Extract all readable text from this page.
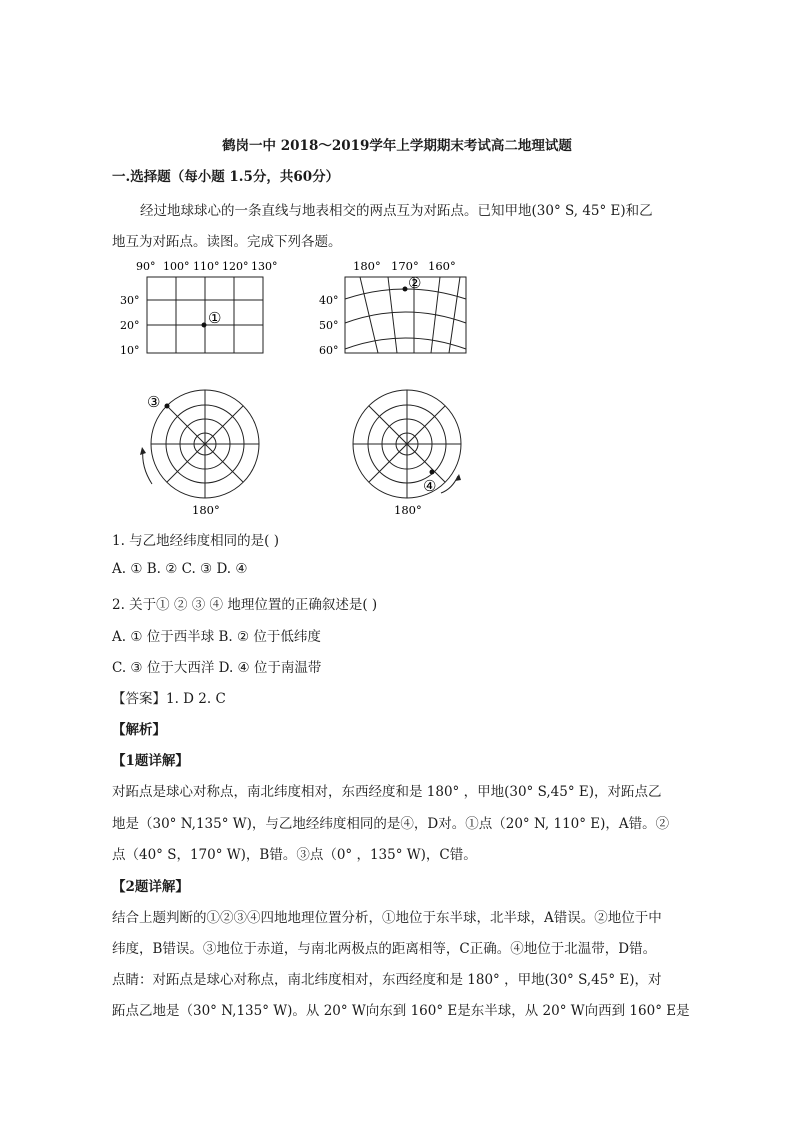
鹤岗一中 2018～2019学年上学期期末考试高二地理试题
一.选择题（每小题 1.5分，共60分）
经过地球球心的一条直线与地表相交的两点互为对跖点。已知甲地(30° S, 45° E)和乙
地互为对跖点。读图。完成下列各题。
90° 100° 110° 120° 130°
30°
20°
10°
①
180° 170° 160°
40°
50°
60°
②
③
180°
④
180°
1. 与乙地经纬度相同的是( )
A. ① B. ② C. ③ D. ④
2. 关于① ② ③ ④ 地理位置的正确叙述是( )
A. ① 位于西半球 B. ② 位于低纬度
C. ③ 位于大西洋 D. ④ 位于南温带
【答案】1. D 2. C
【解析】
【1题详解】
对跖点是球心对称点，南北纬度相对，东西经度和是 180° ，甲地(30° S,45° E)，对跖点乙
地是（30° N,135° W)，与乙地经纬度相同的是④，D对。①点（20° N, 110° E)，A错。②
点（40° S，170° W)，B错。③点（0° ，135° W)，C错。
【2题详解】
结合上题判断的①②③④四地地理位置分析，①地位于东半球，北半球，A错误。②地位于中
纬度，B错误。③地位于赤道，与南北两极点的距离相等，C正确。④地位于北温带，D错。
点睛：对跖点是球心对称点，南北纬度相对，东西经度和是 180° ，甲地(30° S,45° E)，对
跖点乙地是（30° N,135° W)。从 20° W向东到 160° E是东半球，从 20° W向西到 160° E是
